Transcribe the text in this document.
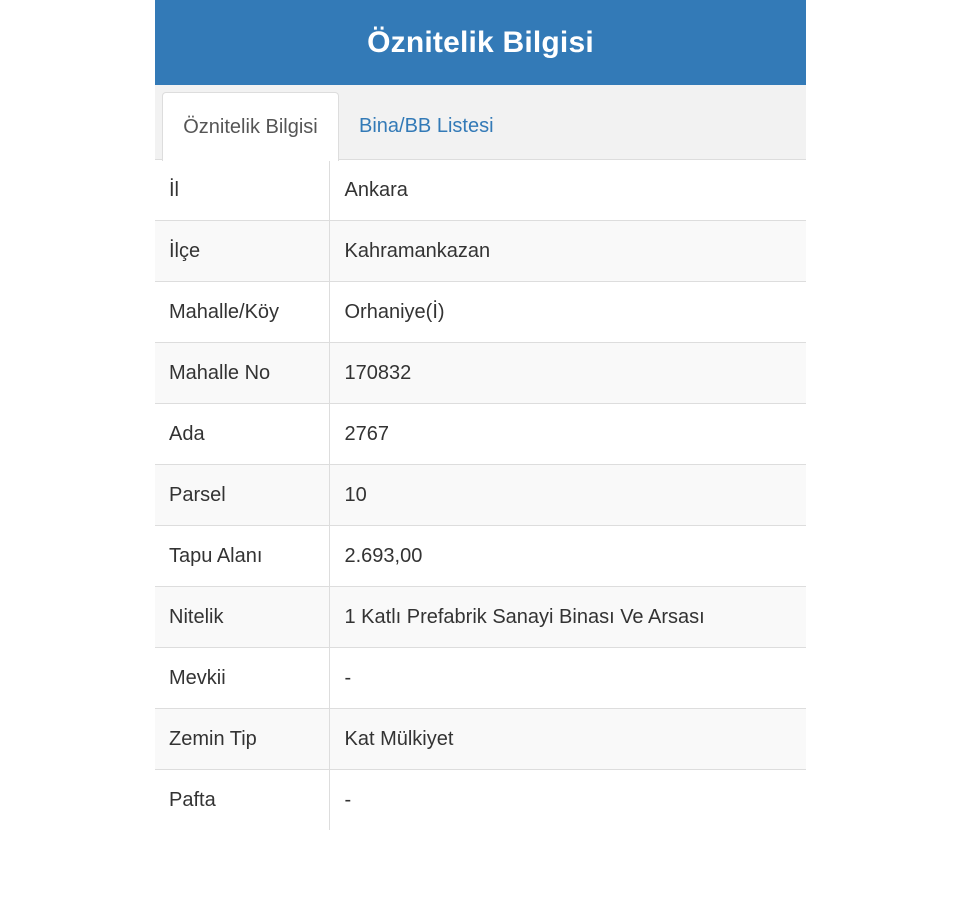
Öznitelik Bilgisi
Öznitelik Bilgisi	Bina/BB Listesi
İl	Ankara
İlçe	Kahramankazan
Mahalle/Köy	Orhaniye(İ)
Mahalle No	170832
Ada	2767
Parsel	10
Tapu Alanı	2.693,00
Nitelik	1 Katlı Prefabrik Sanayi Binası Ve Arsası
Mevkii	-
Zemin Tip	Kat Mülkiyet
Pafta	-
